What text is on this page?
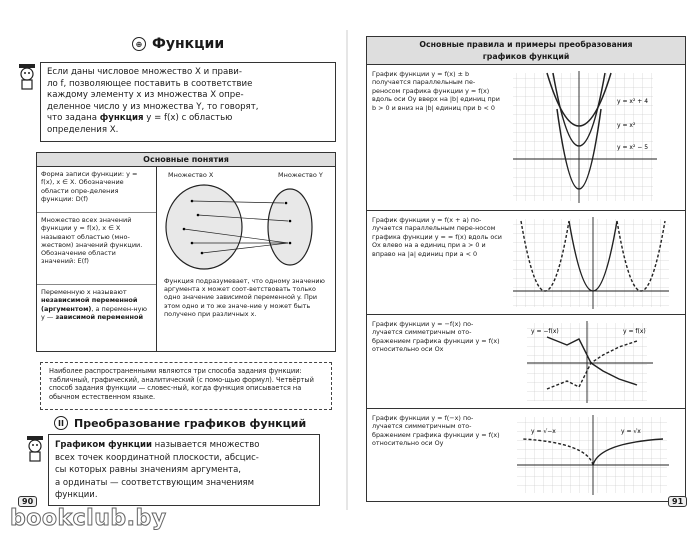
⊕ Функции
Если даны числовое множество X и прави-
ло f, позволяющее поставить в соответствие
каждому элементу x из множества X опре-
деленное число y из множества Y, то говорят,
что задана функция y = f(x) с областью
определения X.
Основные понятия
Форма записи функции: y = f(x), x ∈ X. Обозначение области опре-деления функции: D(f)
Множество всех значений функции y = f(x), x ∈ X называют областью (мно-жеством) значений функции. Обозначение области значений: E(f)
Переменную x называют независимой переменной (аргументом), а перемен-ную y — зависимой переменной
Множество X	Множество Y
Функция подразумевает, что одному значению аргумента x может соот-ветствовать только одно значение зависимой переменной y. При этом одно и то же значе-ние y может быть получено при различных x.
Наиболее распространенными являются три способа задания функции: табличный, графический, аналитический (с помо-щью формул). Четвёртый способ задания функции — словес-ный, когда функция описывается на обычном естественном языке.
II Преобразование графиков функций
Графиком функции называется множество
всех точек координатной плоскости, абсцис-
сы которых равны значениям аргумента,
а ординаты — соответствующим значениям
функции.
90
Основные правила и примеры преобразования
графиков функций
График функции y = f(x) ± b получается параллельным пе-реносом графика функции y = f(x) вдоль оси Oy вверх на |b| единиц при b > 0 и вниз на |b| единиц при b < 0
y = x² + 4
y = x²
y = x² − 5
График функции y = f(x + a) по-лучается параллельным пере-носом графика функции y = = f(x) вдоль оси Ox влево на a единиц при a > 0 и вправо на |a| единиц при a < 0
График функции y = −f(x) по-лучается симметричным ото-бражением графика функции y = f(x) относительно оси Ox
y = f(x)
y = −f(x)
График функции y = f(−x) по-лучается симметричным ото-бражением графика функции y = f(x) относительно оси Oy
y = √x
y = √−x
91
bookclub.by
